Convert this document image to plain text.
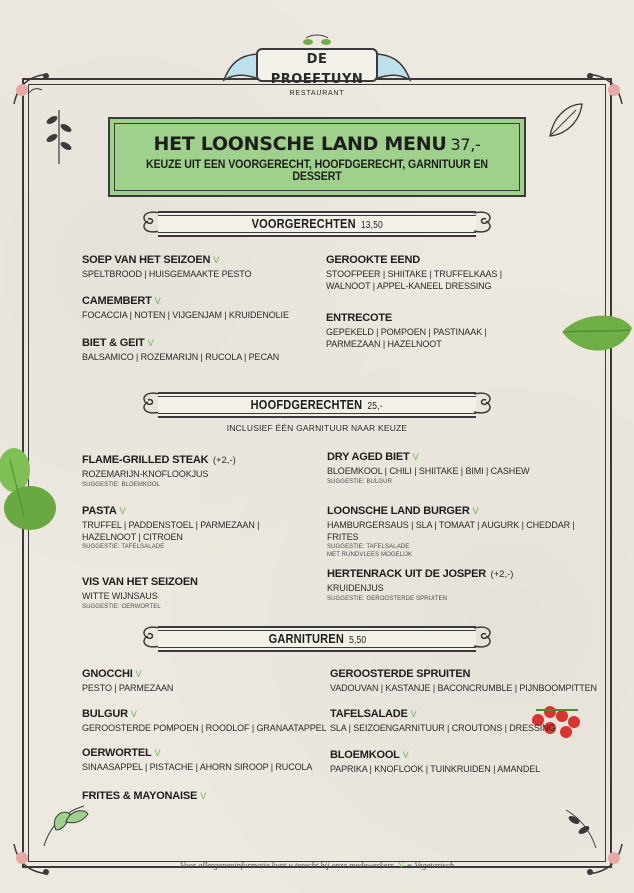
DE PROEFTUYN
RESTAURANT
HET LOONSCHE LAND MENU 37,-
KEUZE UIT EEN VOORGERECHT, HOOFDGERECHT, GARNITUUR EN DESSERT
VOORGERECHTEN 13,50
SOEP VAN HET SEIZOEN V
SPELTBROOD | HUISGEMAAKTE PESTO
CAMEMBERT V
FOCACCIA | NOTEN | VIJGENJAM | KRUIDENOLIE
BIET & GEIT V
BALSAMICO | ROZEMARIJN | RUCOLA | PECAN
GEROOKTE EEND
STOOFPEER | SHIITAKE | TRUFFELKAAS | WALNOOT | APPEL-KANEEL DRESSING
ENTRECOTE
GEPEKELD | POMPOEN | PASTINAAK | PARMEZAAN | HAZELNOOT
HOOFDGERECHTEN 25,-
INCLUSIEF ÉÉN GARNITUUR NAAR KEUZE
FLAME-GRILLED STEAK (+2,-)
ROZEMARIJN-KNOFLOOKJUS
SUGGESTIE: BLOEMKOOL
PASTA V
TRUFFEL | PADDENSTOEL | PARMEZAAN | HAZELNOOT | CITROEN
SUGGESTIE: TAFELSALADE
VIS VAN HET SEIZOEN
WITTE WIJNSAUS
SUGGESTIE: OERWORTEL
DRY AGED BIET V
BLOEMKOOL | CHILI | SHIITAKE | BIMI | CASHEW
SUGGESTIE: BULGUR
LOONSCHE LAND BURGER V
HAMBURGERSAUS | SLA | TOMAAT | AUGURK | CHEDDAR | FRITES
SUGGESTIE: TAFELSALADE
MET RUNDVLEES MOGELIJK
HERTENRACK UIT DE JOSPER (+2,-)
KRUIDENJUS
SUGGESTIE: GEROOSTERDE SPRUITEN
GARNITUREN 5,50
GNOCCHI V
PESTO | PARMEZAAN
BULGUR V
GEROOSTERDE POMPOEN | ROODLOF | GRANAATAPPEL
OERWORTEL V
SINAASAPPEL | PISTACHE | AHORN SIROOP | RUCOLA
FRITES & MAYONAISE V
GEROOSTERDE SPRUITEN
VADOUVAN | KASTANJE | BACONCRUMBLE | PIJNBOOMPITTEN
TAFELSALADE V
SLA | SEIZOENGARNITUUR | CROUTONS | DRESSING
BLOEMKOOL V
PAPRIKA | KNOFLOOK | TUINKRUIDEN | AMANDEL
Voor allergeneninformatie kunt u terecht bij onze medewerkers. V = Vegetarisch
